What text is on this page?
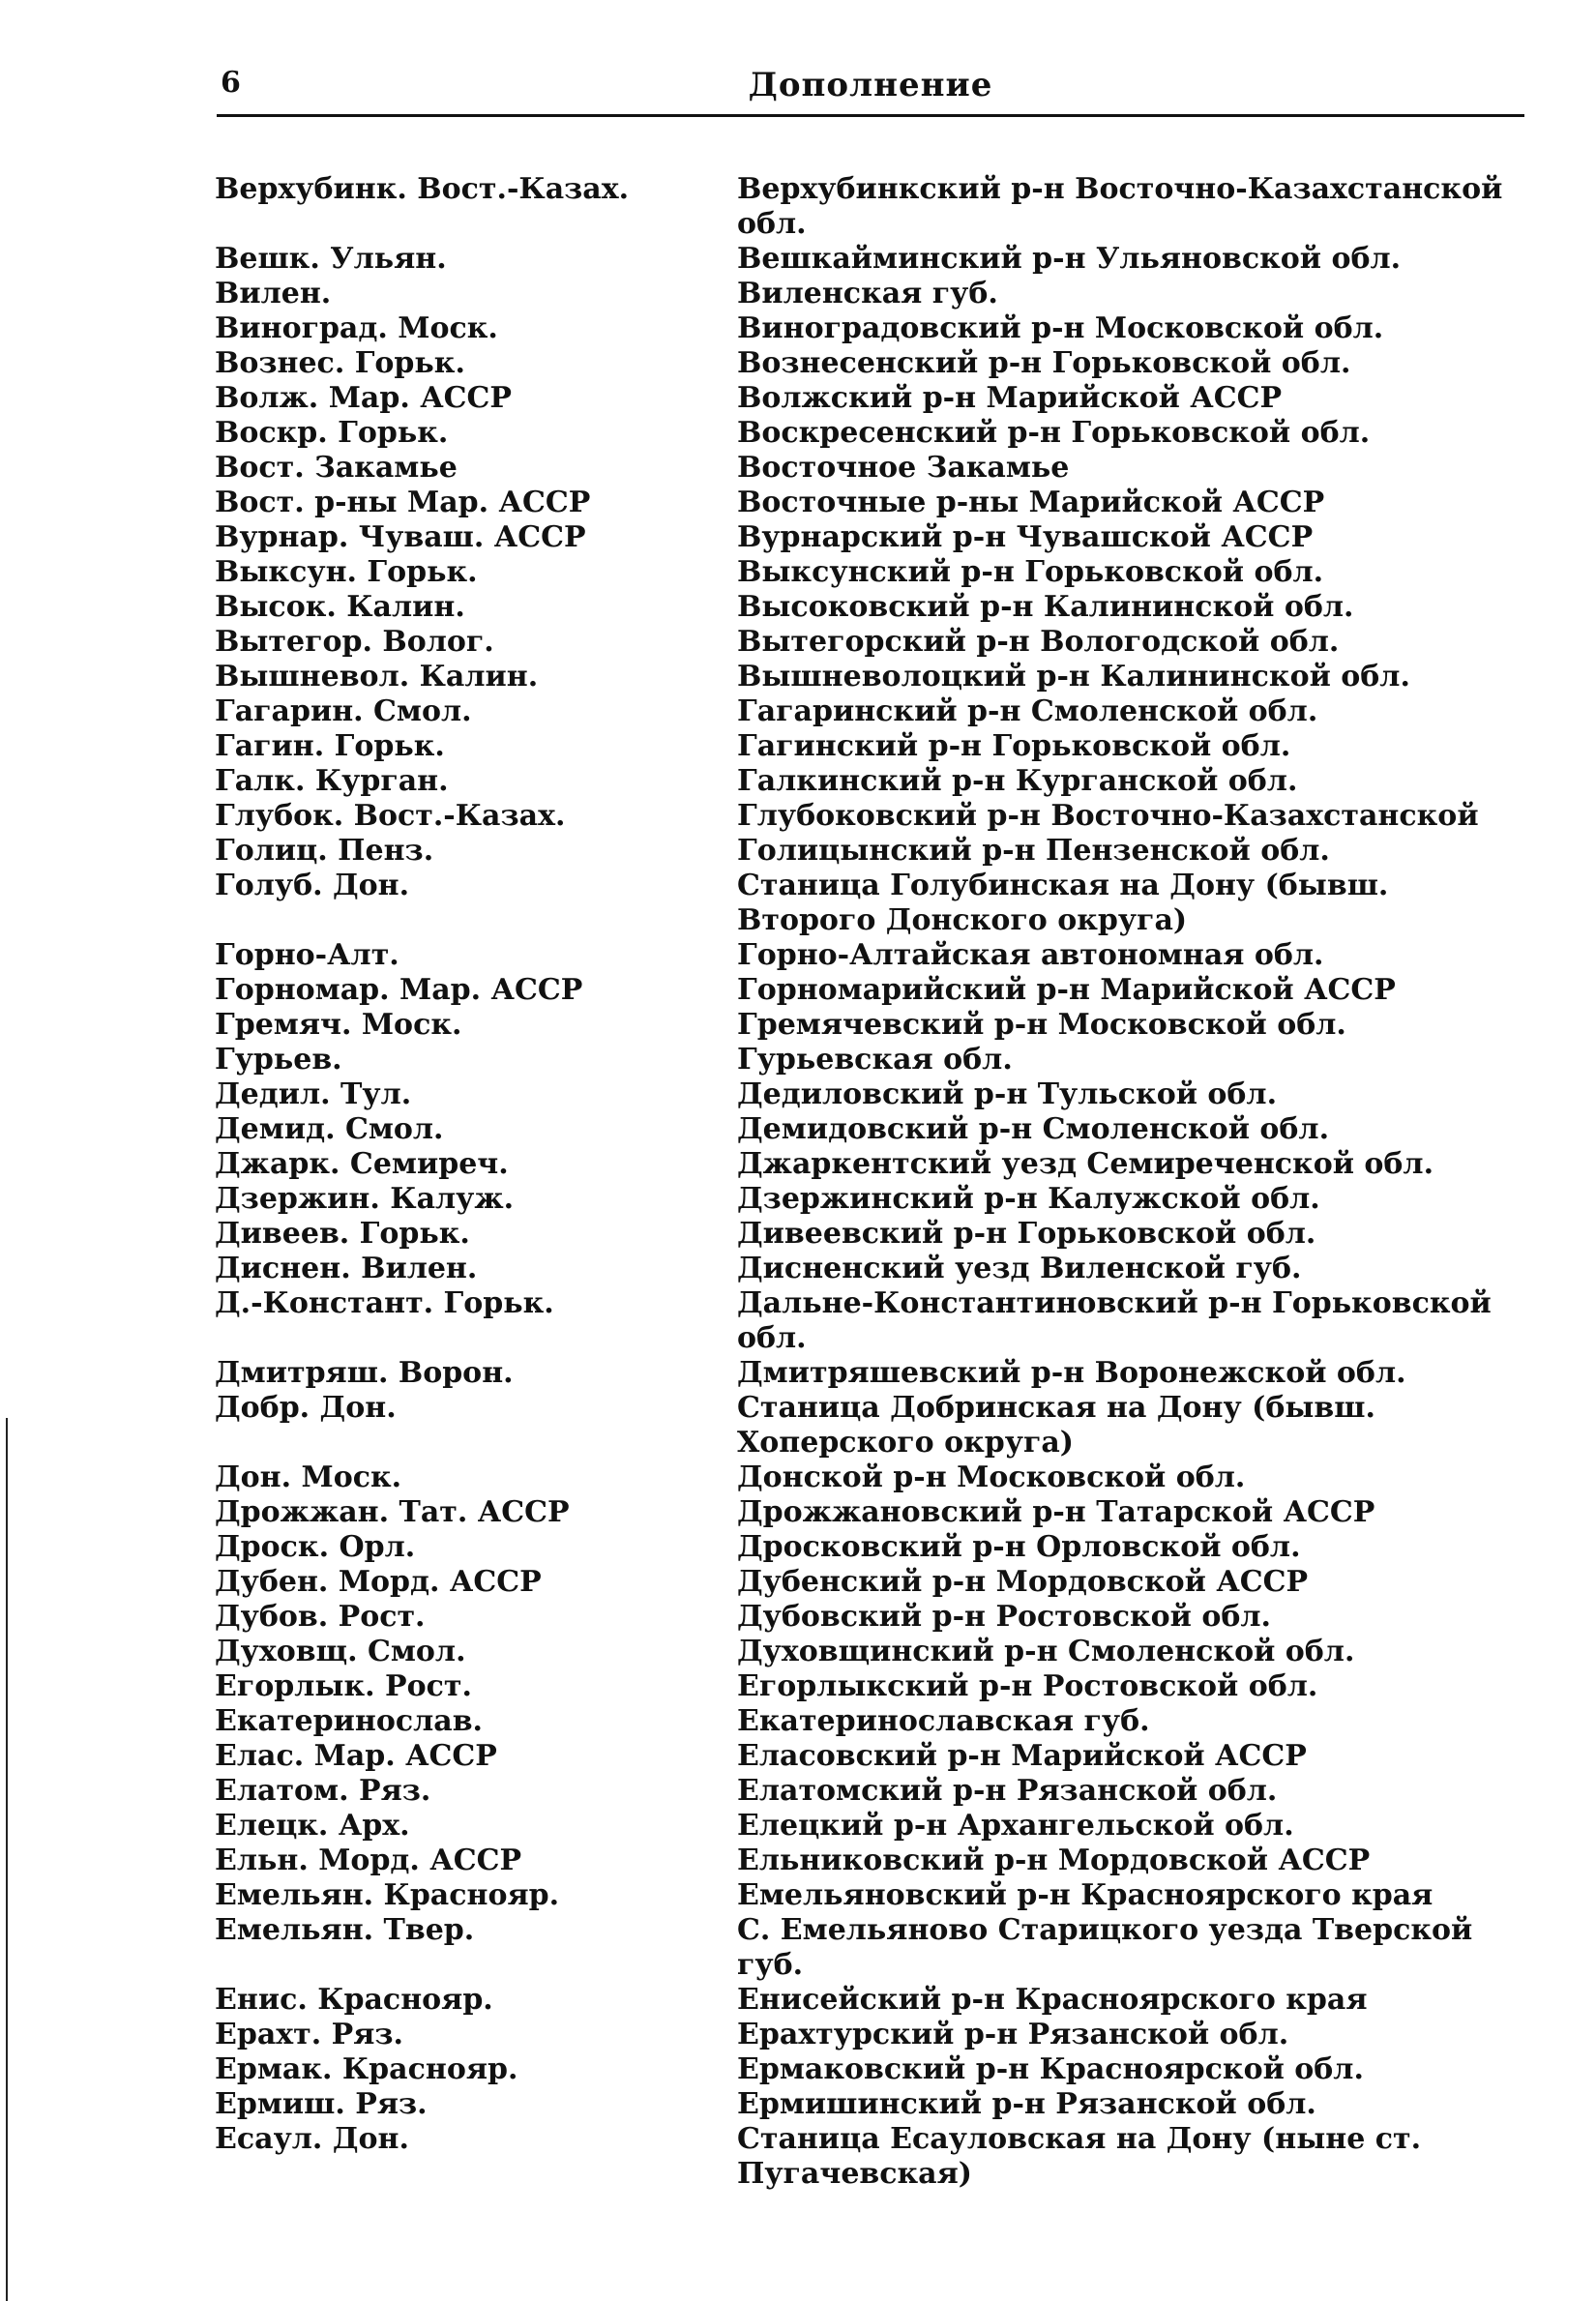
6	Дополнение
Верхубинк. Вост.-Казах.	Верхубинкский р-н Восточно-Казахстанской обл.
Вешк. Ульян.	Вешкайминский р-н Ульяновской обл.
Вилен.	Виленская губ.
Виноград. Моск.	Виноградовский р-н Московской обл.
Вознес. Горьк.	Вознесенский р-н Горьковской обл.
Волж. Мар. АССР	Волжский р-н Марийской АССР
Воскр. Горьк.	Воскресенский р-н Горьковской обл.
Вост. Закамье	Восточное Закамье
Вост. р-ны Мар. АССР	Восточные р-ны Марийской АССР
Вурнар. Чуваш. АССР	Вурнарский р-н Чувашской АССР
Выксун. Горьк.	Выксунский р-н Горьковской обл.
Высок. Калин.	Высоковский р-н Калининской обл.
Вытегор. Волог.	Вытегорский р-н Вологодской обл.
Вышневол. Калин.	Вышневолоцкий р-н Калининской обл.
Гагарин. Смол.	Гагаринский р-н Смоленской обл.
Гагин. Горьк.	Гагинский р-н Горьковской обл.
Галк. Курган.	Галкинский р-н Курганской обл.
Глубок. Вост.-Казах.	Глубоковский р-н Восточно-Казахстанской
Голиц. Пенз.	Голицынский р-н Пензенской обл.
Голуб. Дон.	Станица Голубинская на Дону (бывш. Второго Донского округа)
Горно-Алт.	Горно-Алтайская автономная обл.
Горномар. Мар. АССР	Горномарийский р-н Марийской АССР
Гремяч. Моск.	Гремячевский р-н Московской обл.
Гурьев.	Гурьевская обл.
Дедил. Тул.	Дедиловский р-н Тульской обл.
Демид. Смол.	Демидовский р-н Смоленской обл.
Джарк. Семиреч.	Джаркентский уезд Семиреченской обл.
Дзержин. Калуж.	Дзержинский р-н Калужской обл.
Дивеев. Горьк.	Дивеевский р-н Горьковской обл.
Диснен. Вилен.	Дисненский уезд Виленской губ.
Д.-Констант. Горьк.	Дальне-Константиновский р-н Горьковской обл.
Дмитряш. Ворон.	Дмитряшевский р-н Воронежской обл.
Добр. Дон.	Станица Добринская на Дону (бывш. Хоперского округа)
Дон. Моск.	Донской р-н Московской обл.
Дрожжан. Тат. АССР	Дрожжановский р-н Татарской АССР
Дроск. Орл.	Дросковский р-н Орловской обл.
Дубен. Морд. АССР	Дубенский р-н Мордовской АССР
Дубов. Рост.	Дубовский р-н Ростовской обл.
Духовщ. Смол.	Духовщинский р-н Смоленской обл.
Егорлык. Рост.	Егорлыкский р-н Ростовской обл.
Екатеринослав.	Екатеринославская губ.
Елас. Мар. АССР	Еласовский р-н Марийской АССР
Елатом. Ряз.	Елатомский р-н Рязанской обл.
Елецк. Арх.	Елецкий р-н Архангельской обл.
Ельн. Морд. АССР	Ельниковский р-н Мордовской АССР
Емельян. Краснояр.	Емельяновский р-н Красноярского края
Емельян. Твер.	С. Емельяново Старицкого уезда Тверской губ.
Енис. Краснояр.	Енисейский р-н Красноярского края
Ерахт. Ряз.	Ерахтурский р-н Рязанской обл.
Ермак. Краснояр.	Ермаковский р-н Красноярской обл.
Ермиш. Ряз.	Ермишинский р-н Рязанской обл.
Есаул. Дон.	Станица Есауловская на Дону (ныне ст. Пугачевская)
